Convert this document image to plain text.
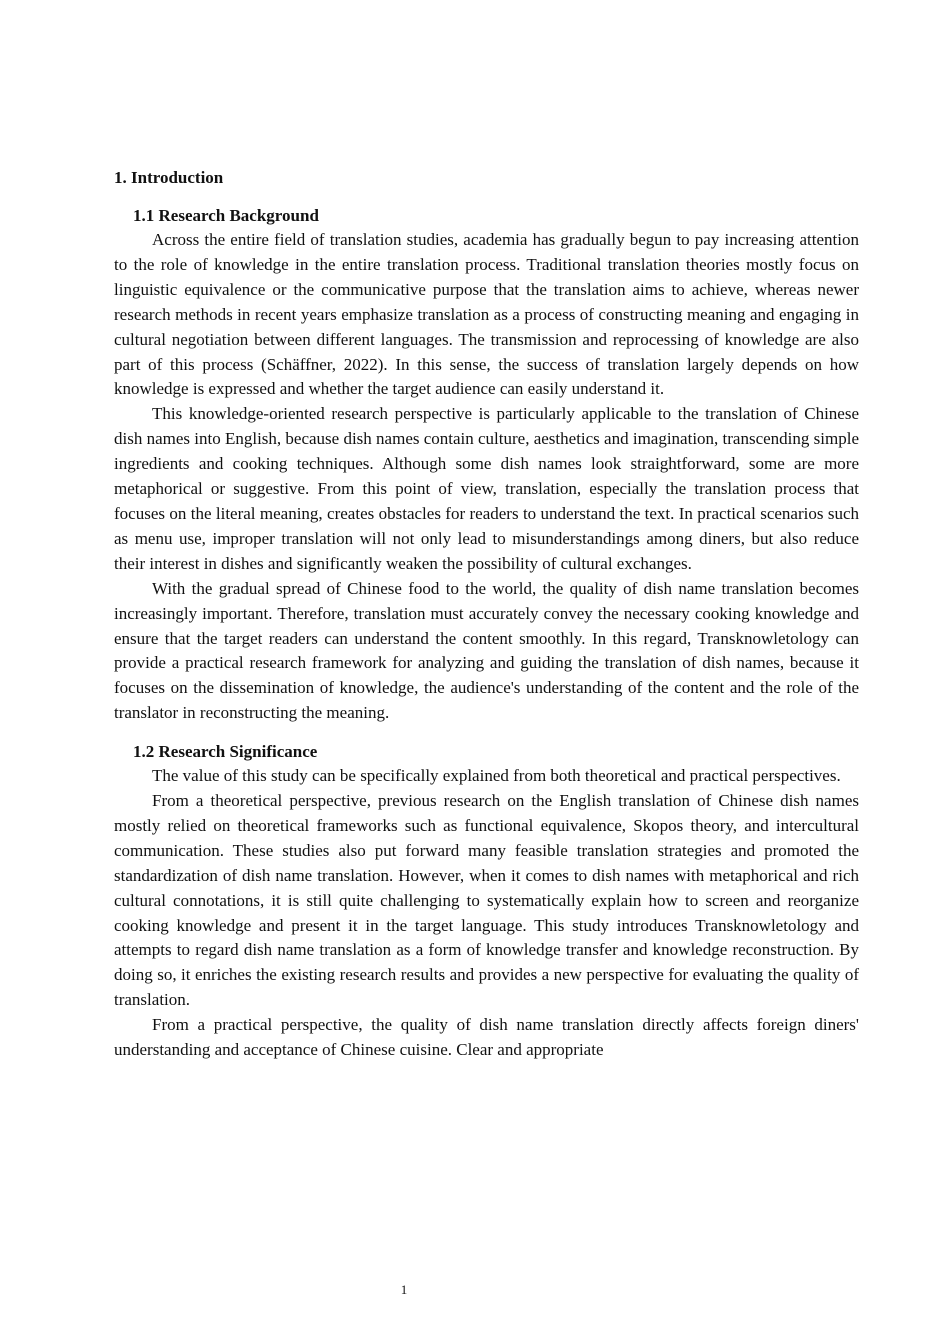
1. Introduction
1.1 Research Background

Across the entire field of translation studies, academia has gradually begun to pay increasing attention to the role of knowledge in the entire translation process. Traditional translation theories mostly focus on linguistic equivalence or the communicative purpose that the translation aims to achieve, whereas newer research methods in recent years emphasize translation as a process of constructing meaning and engaging in cultural negotiation between different languages. The transmission and reprocessing of knowledge are also part of this process (Schäffner, 2022). In this sense, the success of translation largely depends on how knowledge is expressed and whether the target audience can easily understand it.

This knowledge-oriented research perspective is particularly applicable to the translation of Chinese dish names into English, because dish names contain culture, aesthetics and imagination, transcending simple ingredients and cooking techniques. Although some dish names look straightforward, some are more metaphorical or suggestive. From this point of view, translation, especially the translation process that focuses on the literal meaning, creates obstacles for readers to understand the text. In practical scenarios such as menu use, improper translation will not only lead to misunderstandings among diners, but also reduce their interest in dishes and significantly weaken the possibility of cultural exchanges.

With the gradual spread of Chinese food to the world, the quality of dish name translation becomes increasingly important. Therefore, translation must accurately convey the necessary cooking knowledge and ensure that the target readers can understand the content smoothly. In this regard, Transknowletology can provide a practical research framework for analyzing and guiding the translation of dish names, because it focuses on the dissemination of knowledge, the audience's understanding of the content and the role of the translator in reconstructing the meaning.

1.2 Research Significance

The value of this study can be specifically explained from both theoretical and practical perspectives.

From a theoretical perspective, previous research on the English translation of Chinese dish names mostly relied on theoretical frameworks such as functional equivalence, Skopos theory, and intercultural communication. These studies also put forward many feasible translation strategies and promoted the standardization of dish name translation. However, when it comes to dish names with metaphorical and rich cultural connotations, it is still quite challenging to systematically explain how to screen and reorganize cooking knowledge and present it in the target language. This study introduces Transknowletology and attempts to regard dish name translation as a form of knowledge transfer and knowledge reconstruction. By doing so, it enriches the existing research results and provides a new perspective for evaluating the quality of translation.

From a practical perspective, the quality of dish name translation directly affects foreign diners' understanding and acceptance of Chinese cuisine. Clear and appropriate

1
